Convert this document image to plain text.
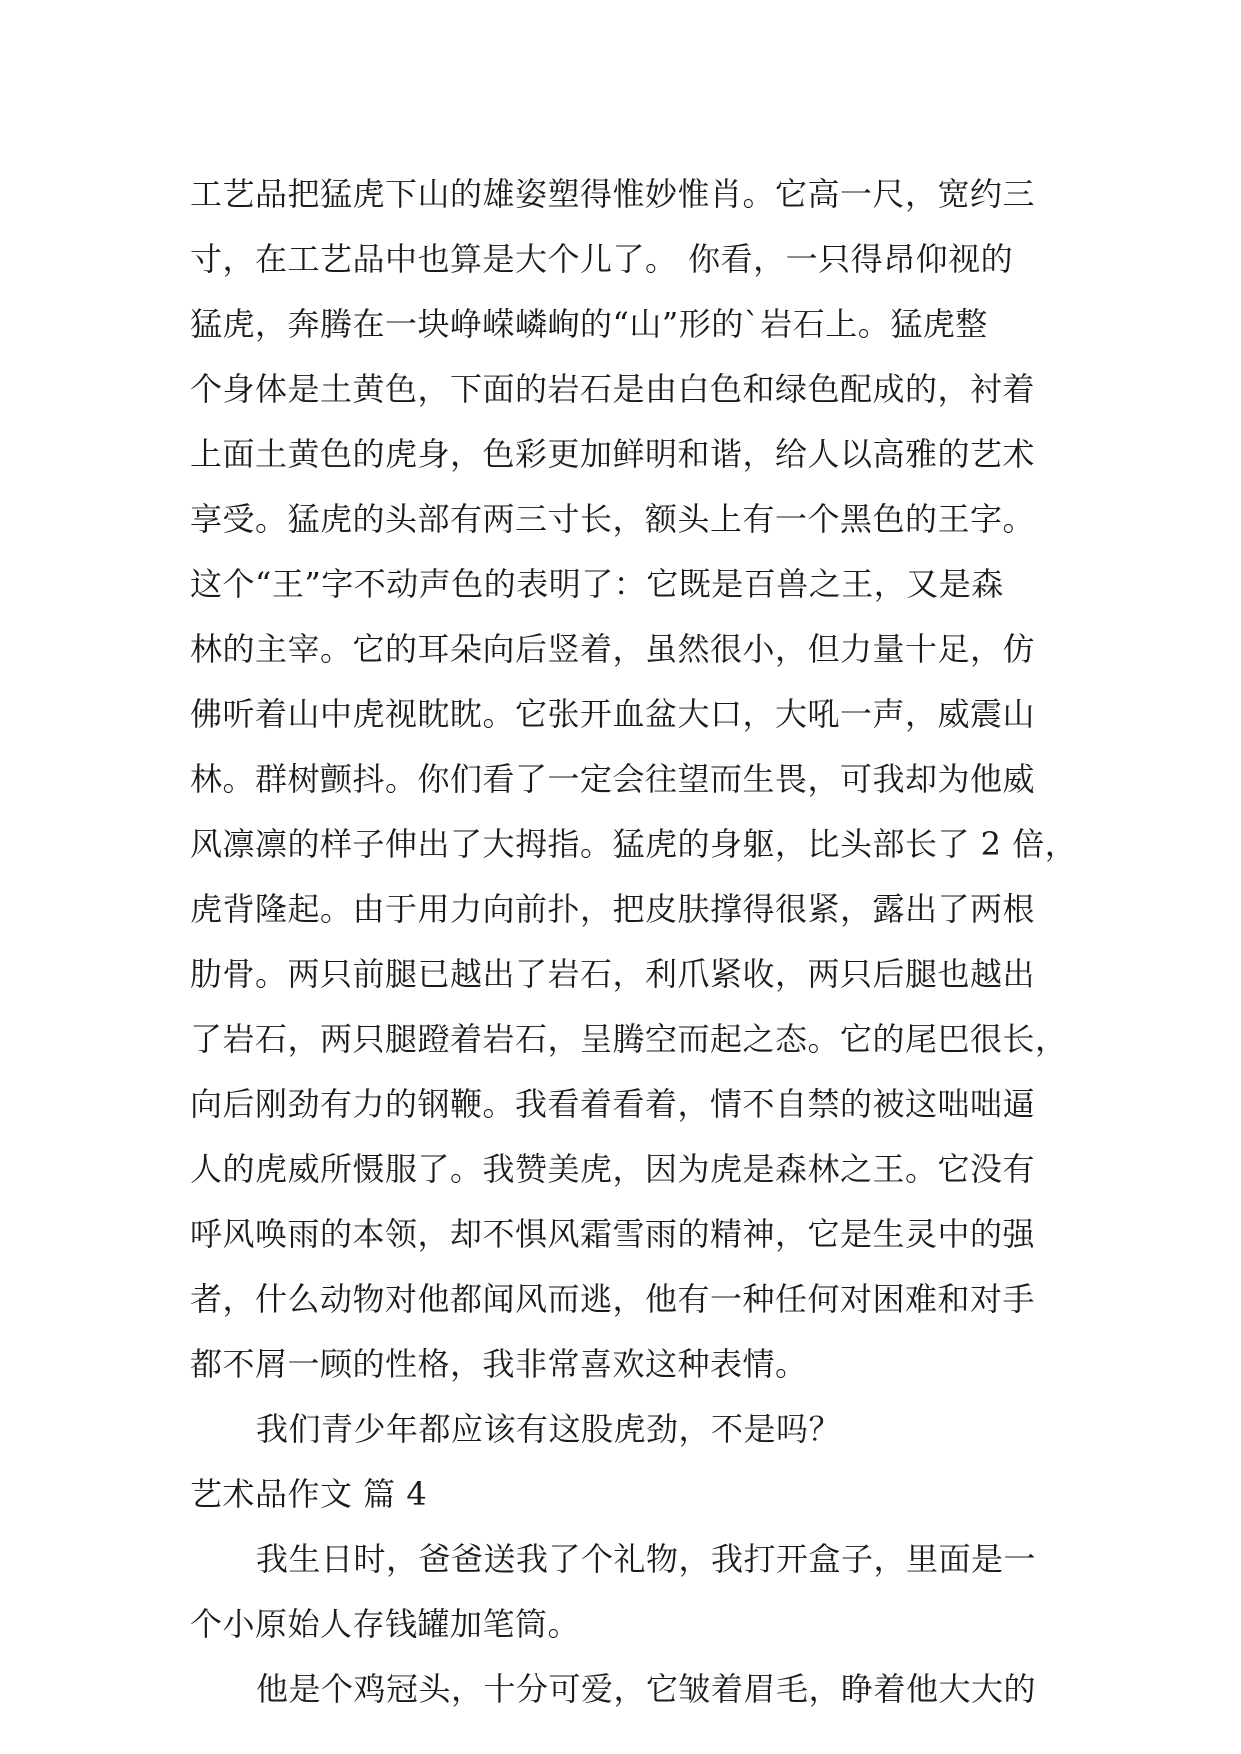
工艺品把猛虎下山的雄姿塑得惟妙惟肖。它高一尺，宽约三
寸，在工艺品中也算是大个儿了。 你看，一只得昂仰视的
猛虎，奔腾在一块峥嵘嶙峋的“山”形的`岩石上。猛虎整
个身体是土黄色，下面的岩石是由白色和绿色配成的，衬着
上面土黄色的虎身，色彩更加鲜明和谐，给人以高雅的艺术
享受。猛虎的头部有两三寸长，额头上有一个黑色的王字。
这个“王”字不动声色的表明了：它既是百兽之王，又是森
林的主宰。它的耳朵向后竖着，虽然很小，但力量十足，仿
佛听着山中虎视眈眈。它张开血盆大口，大吼一声，威震山
林。群树颤抖。你们看了一定会往望而生畏，可我却为他威
风凛凛的样子伸出了大拇指。猛虎的身躯，比头部长了 2 倍，
虎背隆起。由于用力向前扑，把皮肤撑得很紧，露出了两根
肋骨。两只前腿已越出了岩石，利爪紧收，两只后腿也越出
了岩石，两只腿蹬着岩石，呈腾空而起之态。它的尾巴很长，
向后刚劲有力的钢鞭。我看着看着，情不自禁的被这咄咄逼
人的虎威所慑服了。我赞美虎，因为虎是森林之王。它没有
呼风唤雨的本领，却不惧风霜雪雨的精神，它是生灵中的强
者，什么动物对他都闻风而逃，他有一种任何对困难和对手
都不屑一顾的性格，我非常喜欢这种表情。
我们青少年都应该有这股虎劲，不是吗？
艺术品作文 篇 4
我生日时，爸爸送我了个礼物，我打开盒子，里面是一
个小原始人存钱罐加笔筒。
他是个鸡冠头，十分可爱，它皱着眉毛，睁着他大大的
